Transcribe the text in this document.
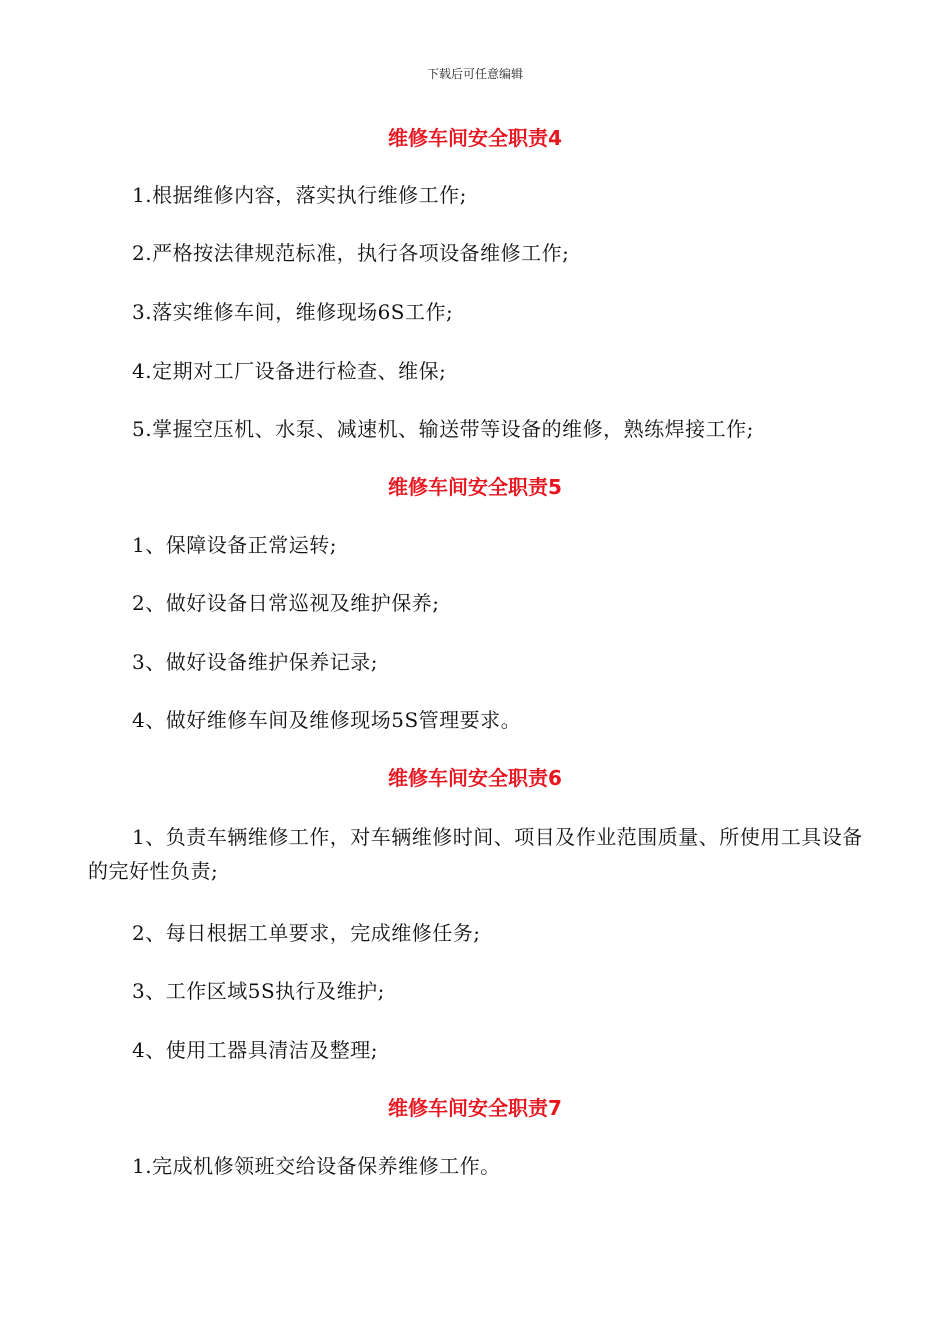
下载后可任意编辑
维修车间安全职责4
1.根据维修内容，落实执行维修工作;
2.严格按法律规范标准，执行各项设备维修工作;
3.落实维修车间，维修现场6S工作;
4.定期对工厂设备进行检查、维保;
5.掌握空压机、水泵、减速机、输送带等设备的维修，熟练焊接工作;
维修车间安全职责5
1、保障设备正常运转;
2、做好设备日常巡视及维护保养;
3、做好设备维护保养记录;
4、做好维修车间及维修现场5S管理要求。
维修车间安全职责6
1、负责车辆维修工作，对车辆维修时间、项目及作业范围质量、所使用工具设备的完好性负责;
2、每日根据工单要求，完成维修任务;
3、工作区域5S执行及维护;
4、使用工器具清洁及整理;
维修车间安全职责7
1.完成机修领班交给设备保养维修工作。
